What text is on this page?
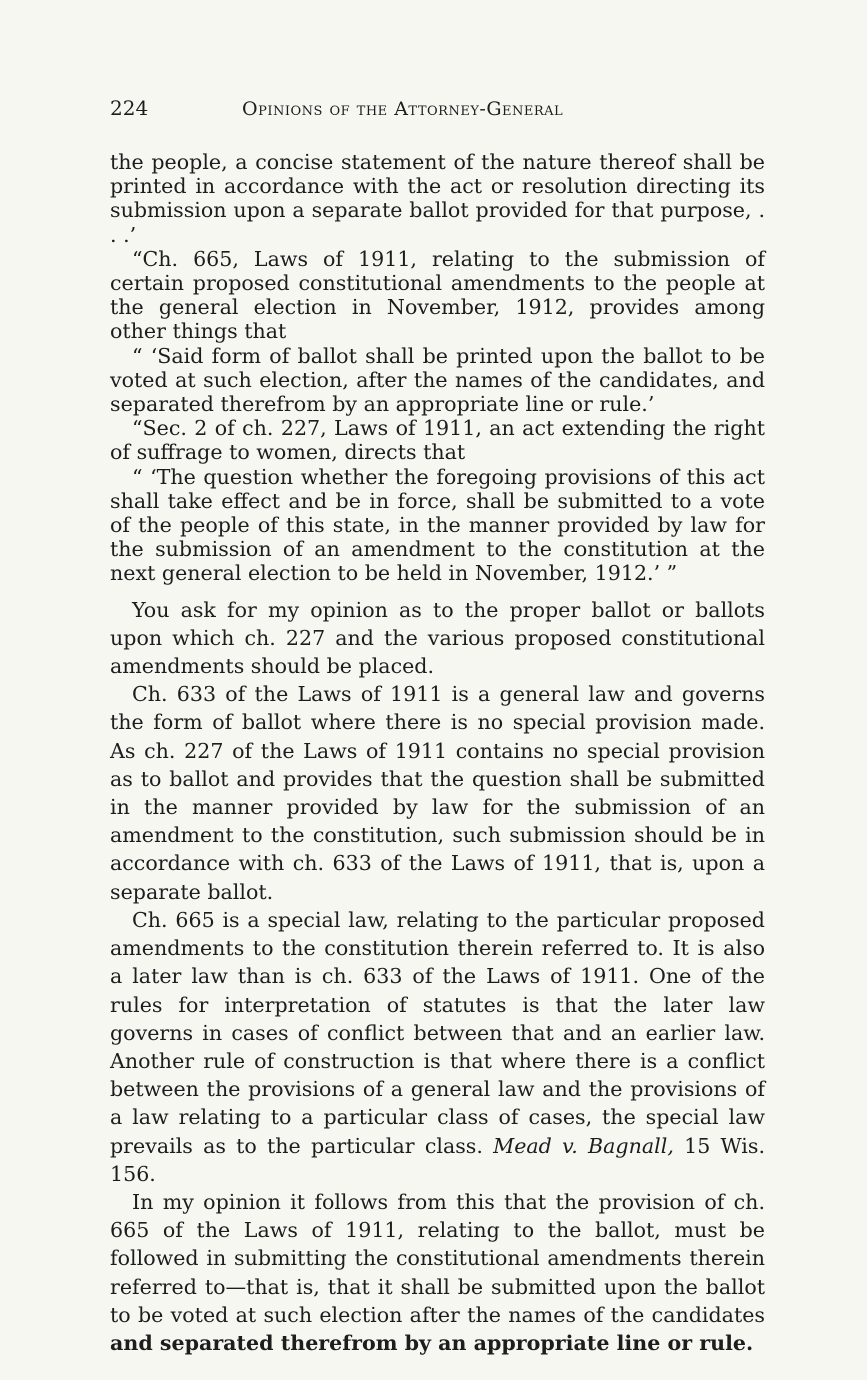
224	Opinions of the Attorney-General

the people, a concise statement of the nature thereof shall be printed in accordance with the act or resolution directing its submission upon a separate ballot provided for that purpose, . . .’

“Ch. 665, Laws of 1911, relating to the submission of certain proposed constitutional amendments to the people at the general election in November, 1912, provides among other things that

“ ‘Said form of ballot shall be printed upon the ballot to be voted at such election, after the names of the candidates, and separated therefrom by an appropriate line or rule.’

“Sec. 2 of ch. 227, Laws of 1911, an act extending the right of suffrage to women, directs that

“ ‘The question whether the foregoing provisions of this act shall take effect and be in force, shall be submitted to a vote of the people of this state, in the manner provided by law for the submission of an amendment to the constitution at the next general election to be held in November, 1912.’ ”

You ask for my opinion as to the proper ballot or ballots upon which ch. 227 and the various proposed constitutional amendments should be placed.

Ch. 633 of the Laws of 1911 is a general law and governs the form of ballot where there is no special provision made. As ch. 227 of the Laws of 1911 contains no special provision as to ballot and provides that the question shall be submitted in the manner provided by law for the submission of an amendment to the constitution, such submission should be in accordance with ch. 633 of the Laws of 1911, that is, upon a separate ballot.

Ch. 665 is a special law, relating to the particular proposed amendments to the constitution therein referred to. It is also a later law than is ch. 633 of the Laws of 1911. One of the rules for interpretation of statutes is that the later law governs in cases of conflict between that and an earlier law. Another rule of construction is that where there is a conflict between the provisions of a general law and the provisions of a law relating to a particular class of cases, the special law prevails as to the particular class. Mead v. Bagnall, 15 Wis. 156.

In my opinion it follows from this that the provision of ch. 665 of the Laws of 1911, relating to the ballot, must be followed in submitting the constitutional amendments therein referred to—that is, that it shall be submitted upon the ballot to be voted at such election after the names of the candidates and separated therefrom by an appropriate line or rule.
